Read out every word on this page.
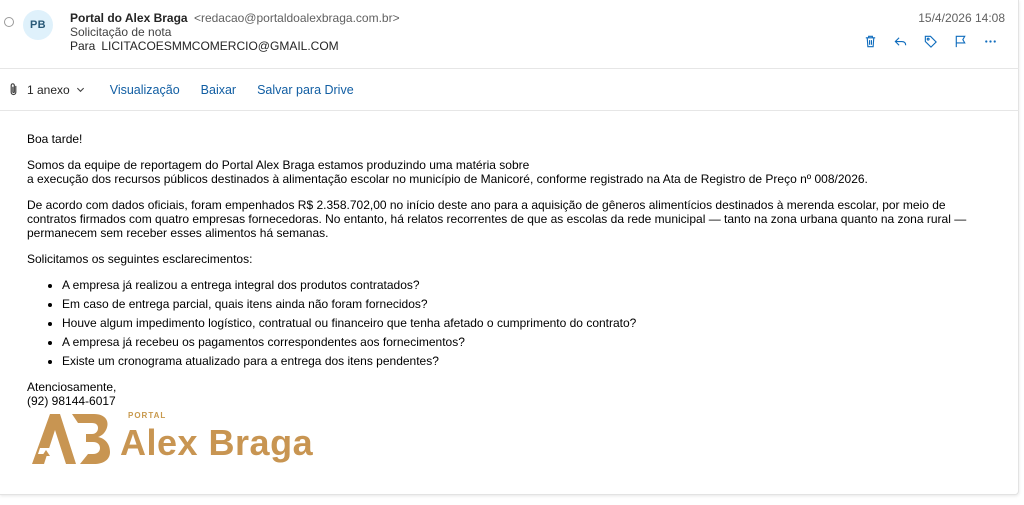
PB	Portal do Alex Braga <redacao@portaldoalexbraga.com.br>
Solicitação de nota
Para LICITACOESMMCOMERCIO@GMAIL.COM
15/4/2026 14:08
1 anexo	Visualização Baixar Salvar para Drive

Boa tarde!

Somos da equipe de reportagem do Portal Alex Braga estamos produzindo uma matéria sobre
a execução dos recursos públicos destinados à alimentação escolar no município de Manicoré, conforme registrado na Ata de Registro de Preço nº 008/2026.

De acordo com dados oficiais, foram empenhados R$ 2.358.702,00 no início deste ano para a aquisição de gêneros alimentícios destinados à merenda escolar, por meio de contratos firmados com quatro empresas fornecedoras. No entanto, há relatos recorrentes de que as escolas da rede municipal — tanto na zona urbana quanto na zona rural — permanecem sem receber esses alimentos há semanas.

Solicitamos os seguintes esclarecimentos:

• A empresa já realizou a entrega integral dos produtos contratados?
• Em caso de entrega parcial, quais itens ainda não foram fornecidos?
• Houve algum impedimento logístico, contratual ou financeiro que tenha afetado o cumprimento do contrato?
• A empresa já recebeu os pagamentos correspondentes aos fornecimentos?
• Existe um cronograma atualizado para a entrega dos itens pendentes?

Atenciosamente,
(92) 98144-6017

PORTAL
Alex Braga
